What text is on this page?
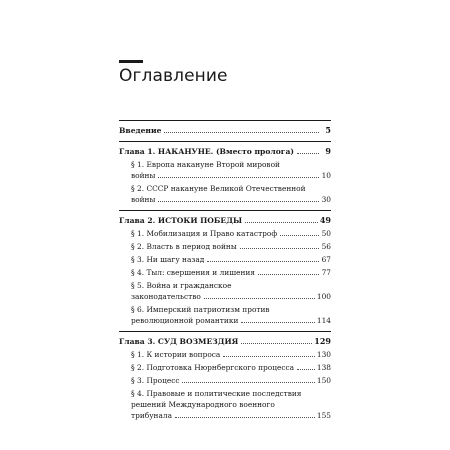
Оглавление
Введение	5
Глава 1. НАКАНУНЕ. (Вместо пролога)	9
§ 1. Европа накануне Второй мировой
войны	10
§ 2. СССР накануне Великой Отечественной
войны	30
Глава 2. ИСТОКИ ПОБЕДЫ	49
§ 1. Мобилизация и Право катастроф	50
§ 2. Власть в период войны	56
§ 3. Ни шагу назад	67
§ 4. Тыл: свершения и лишения	77
§ 5. Война и гражданское
законодательство	100
§ 6. Имперский патриотизм против
революционной романтики	114
Глава 3. СУД ВОЗМЕЗДИЯ	129
§ 1. К истории вопроса	130
§ 2. Подготовка Нюрнбергского процесса	138
§ 3. Процесс	150
§ 4. Правовые и политические последствия
решений Международного военного
трибунала	155
